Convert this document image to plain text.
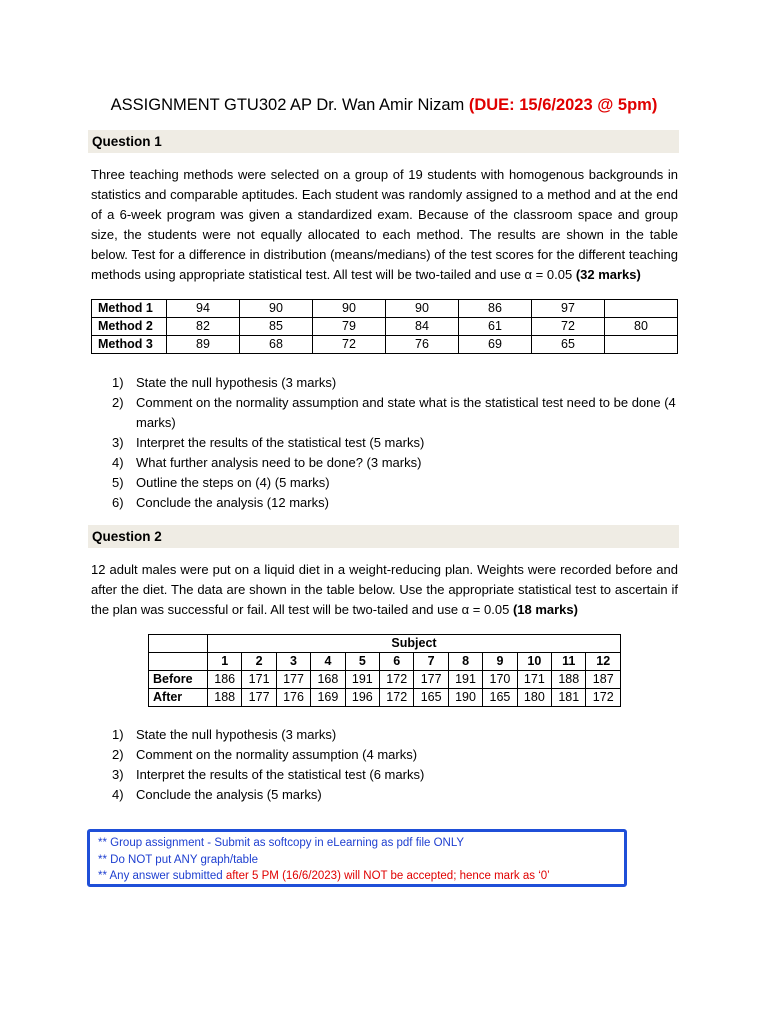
ASSIGNMENT GTU302 AP Dr. Wan Amir Nizam (DUE: 15/6/2023 @ 5pm)
Question 1
Three teaching methods were selected on a group of 19 students with homogenous backgrounds in statistics and comparable aptitudes. Each student was randomly assigned to a method and at the end of a 6-week program was given a standardized exam. Because of the classroom space and group size, the students were not equally allocated to each method. The results are shown in the table below. Test for a difference in distribution (means/medians) of the test scores for the different teaching methods using appropriate statistical test. All test will be two-tailed and use α = 0.05 (32 marks)
Method 1	94	90	90	90	86	97	
Method 2	82	85	79	84	61	72	80
Method 3	89	68	72	76	69	65	
1) State the null hypothesis (3 marks)
2) Comment on the normality assumption and state what is the statistical test need to be done (4 marks)
3) Interpret the results of the statistical test (5 marks)
4) What further analysis need to be done? (3 marks)
5) Outline the steps on (4) (5 marks)
6) Conclude the analysis (12 marks)
Question 2
12 adult males were put on a liquid diet in a weight-reducing plan. Weights were recorded before and after the diet. The data are shown in the table below. Use the appropriate statistical test to ascertain if the plan was successful or fail. All test will be two-tailed and use α = 0.05 (18 marks)
	Subject											
	1	2	3	4	5	6	7	8	9	10	11	12
Before	186	171	177	168	191	172	177	191	170	171	188	187
After	188	177	176	169	196	172	165	190	165	180	181	172
1) State the null hypothesis (3 marks)
2) Comment on the normality assumption (4 marks)
3) Interpret the results of the statistical test (6 marks)
4) Conclude the analysis (5 marks)
** Group assignment - Submit as softcopy in eLearning as pdf file ONLY
** Do NOT put ANY graph/table
** Any answer submitted after 5 PM (16/6/2023) will NOT be accepted; hence mark as ‘0’
